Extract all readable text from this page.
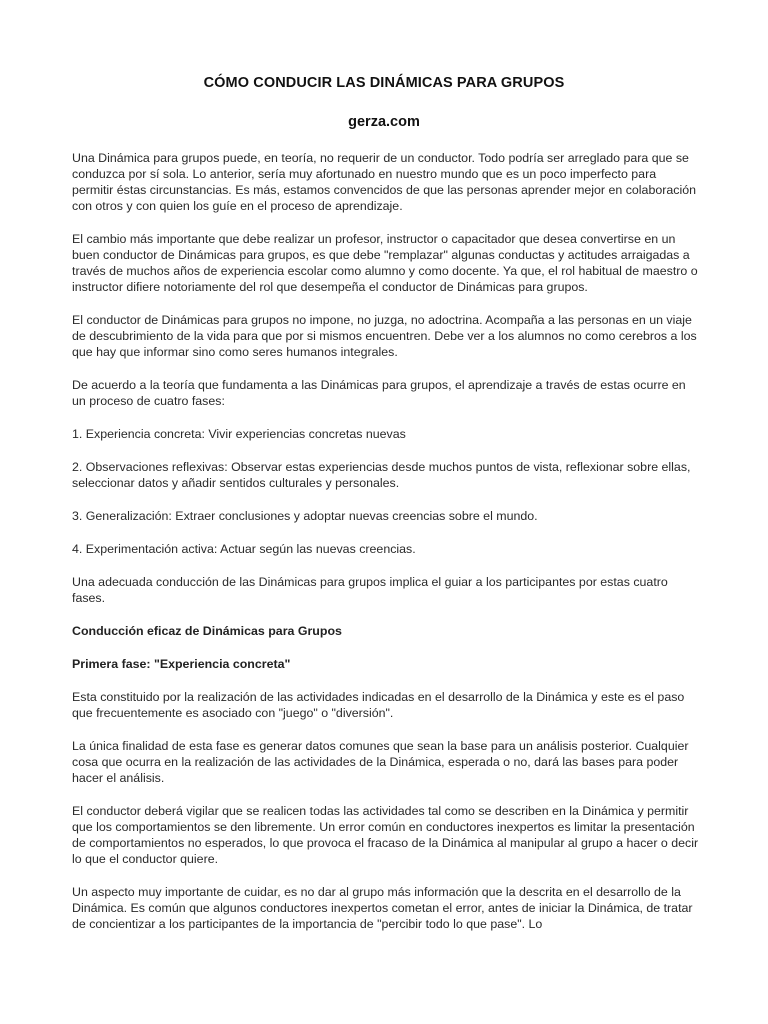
CÓMO CONDUCIR LAS DINÁMICAS PARA GRUPOS
gerza.com

Una Dinámica para grupos puede, en teoría, no requerir de un conductor. Todo podría ser arreglado para que se conduzca por sí sola. Lo anterior, sería muy afortunado en nuestro mundo que es un poco imperfecto para permitir éstas circunstancias. Es más, estamos convencidos de que las personas aprender mejor en colaboración con otros y con quien los guíe en el proceso de aprendizaje.

El cambio más importante que debe realizar un profesor, instructor o capacitador que desea convertirse en un buen conductor de Dinámicas para grupos, es que debe "remplazar" algunas conductas y actitudes arraigadas a través de muchos años de experiencia escolar como alumno y como docente. Ya que, el rol habitual de maestro o instructor difiere notoriamente del rol que desempeña el conductor de Dinámicas para grupos.

El conductor de Dinámicas para grupos no impone, no juzga, no adoctrina. Acompaña a las personas en un viaje de descubrimiento de la vida para que por si mismos encuentren. Debe ver a los alumnos no como cerebros a los que hay que informar sino como seres humanos integrales.

De acuerdo a la teoría que fundamenta a las Dinámicas para grupos, el aprendizaje a través de estas ocurre en un proceso de cuatro fases:

1. Experiencia concreta: Vivir experiencias concretas nuevas

2. Observaciones reflexivas: Observar estas experiencias desde muchos puntos de vista, reflexionar sobre ellas, seleccionar datos y añadir sentidos culturales y personales.

3. Generalización: Extraer conclusiones y adoptar nuevas creencias sobre el mundo.

4. Experimentación activa: Actuar según las nuevas creencias.

Una adecuada conducción de las Dinámicas para grupos implica el guiar a los participantes por estas cuatro fases.

Conducción eficaz de Dinámicas para Grupos

Primera fase: "Experiencia concreta"

Esta constituido por la realización de las actividades indicadas en el desarrollo de la Dinámica y este es el paso que frecuentemente es asociado con "juego" o "diversión".

La única finalidad de esta fase es generar datos comunes que sean la base para un análisis posterior. Cualquier cosa que ocurra en la realización de las actividades de la Dinámica, esperada o no, dará las bases para poder hacer el análisis.

El conductor deberá vigilar que se realicen todas las actividades tal como se describen en la Dinámica y permitir que los comportamientos se den libremente. Un error común en conductores inexpertos es limitar la presentación de comportamientos no esperados, lo que provoca el fracaso de la Dinámica al manipular al grupo a hacer o decir lo que el conductor quiere.

Un aspecto muy importante de cuidar, es no dar al grupo más información que la descrita en el desarrollo de la Dinámica. Es común que algunos conductores inexpertos cometan el error, antes de iniciar la Dinámica, de tratar de concientizar a los participantes de la importancia de "percibir todo lo que pase". Lo
